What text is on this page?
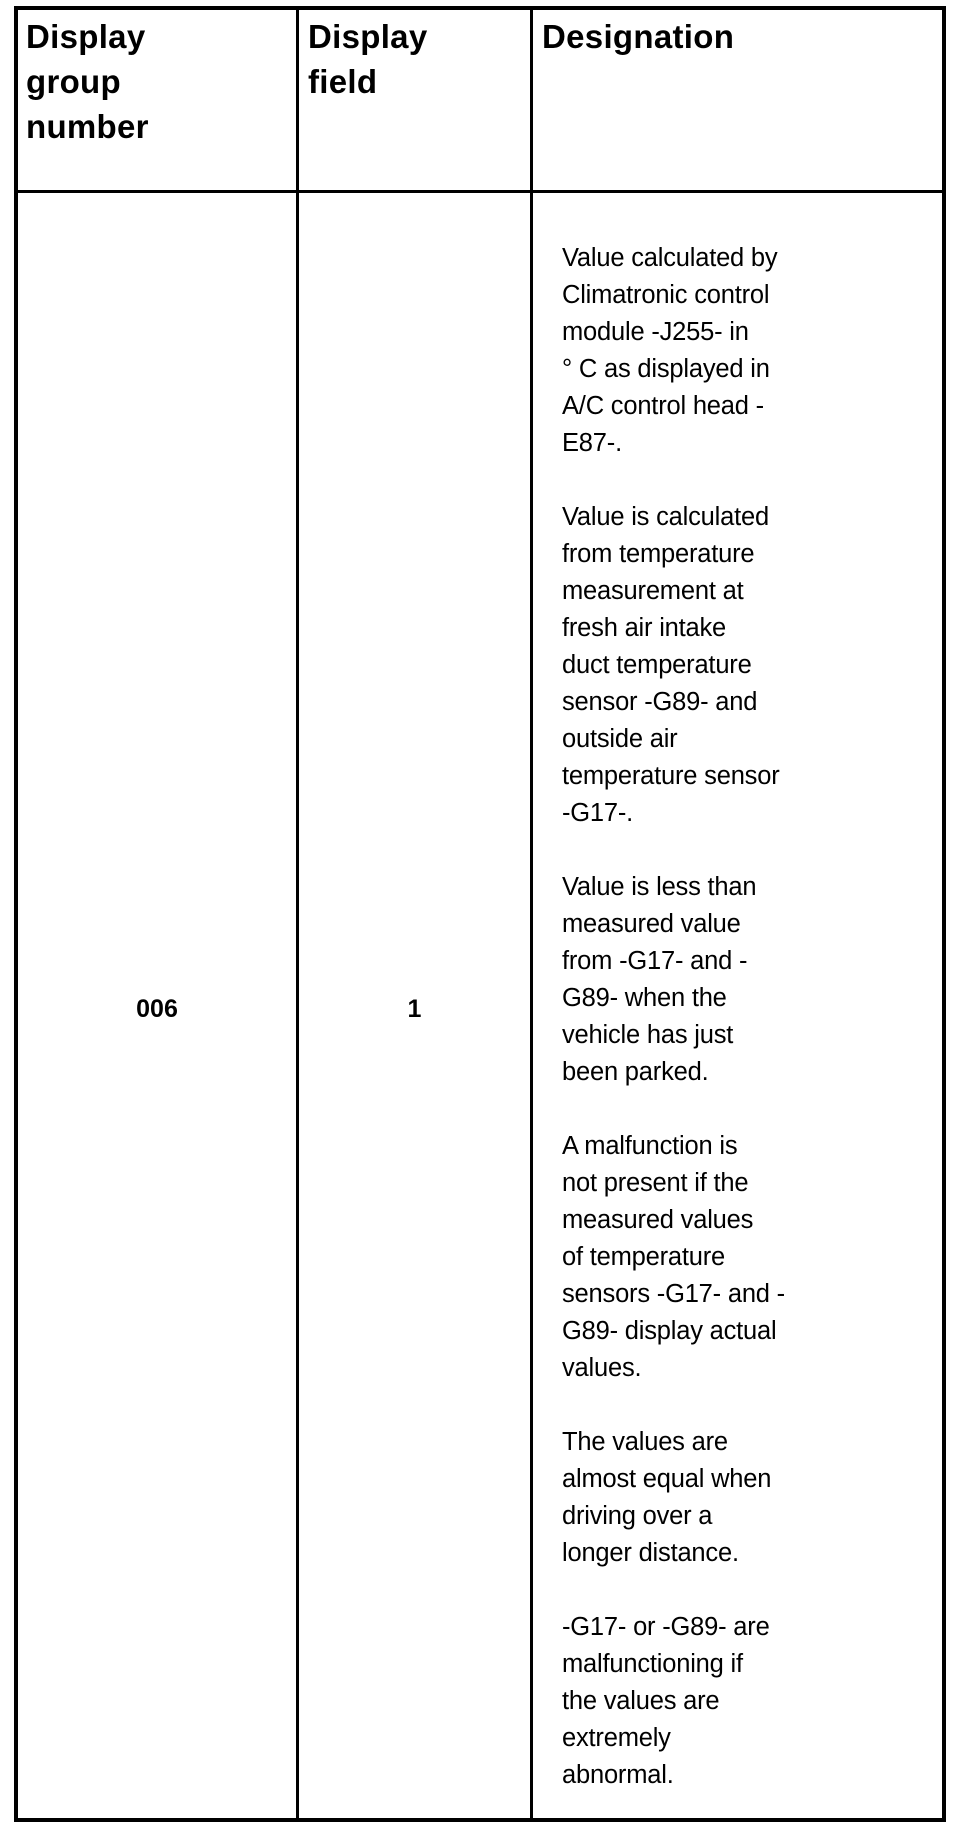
Display
group
number
Display
field
Designation
006	1

Value calculated by
Climatronic control
module -J255- in
° C as displayed in
A/C control head -
E87-.

Value is calculated
from temperature
measurement at
fresh air intake
duct temperature
sensor -G89- and
outside air
temperature sensor
-G17-.

Value is less than
measured value
from -G17- and -
G89- when the
vehicle has just
been parked.

A malfunction is
not present if the
measured values
of temperature
sensors -G17- and -
G89- display actual
values.

The values are
almost equal when
driving over a
longer distance.

-G17- or -G89- are
malfunctioning if
the values are
extremely
abnormal.
